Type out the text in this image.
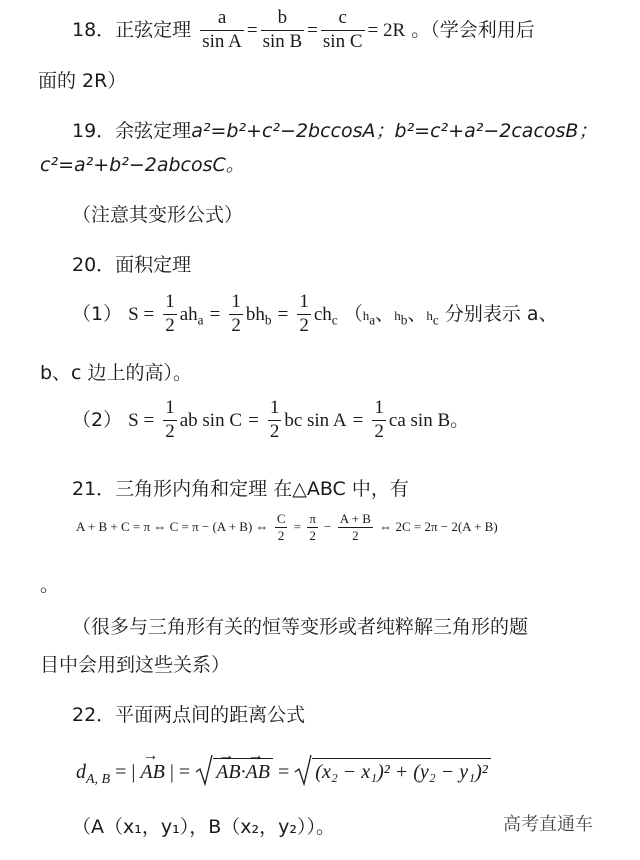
18．正弦定理 $\frac{a}{\text{sin A}} = \frac{b}{\text{sin B}} = \frac{c}{\text{sin C}} = 2R$ 。（学会利用后
面的 2R）
19．余弦定理a²=b²+c²−2bccosA；b²=c²+a²−2cacosB；
c²=a²+b²−2abcosC。
（注意其变形公式）
20．面积定理
（1） $S = \frac{1}{2} ah_a = \frac{1}{2} bh_b = \frac{1}{2} ch_c$ （$h_a$、$h_b$、$h_c$ 分别表示 a、
b、c 边上的高）。
（2） $S = \frac{1}{2}$ ab $\sin C = \frac{1}{2}$ bc $\sin A = \frac{1}{2}$ ca sin B。
21．三角形内角和定理 在△ABC 中，有
A + B + C = π ⇔ C = π − (A + B) ⇔ $\frac{C}{2} = \frac{\pi}{2} - \frac{A + B}{2}$ ⇔ 2C = 2π − 2(A + B)
。
（很多与三角形有关的恒等变形或者纯粹解三角形的题
目中会用到这些关系）
22．平面两点间的距离公式
$d_{A, B}$ = |
→
AB | =
→
AB·
→
AB = (x₂ − x₁)² + (y₂ − y₁)²
（A（x₁，y₁），B（x₂，y₂））。	高考直通车
